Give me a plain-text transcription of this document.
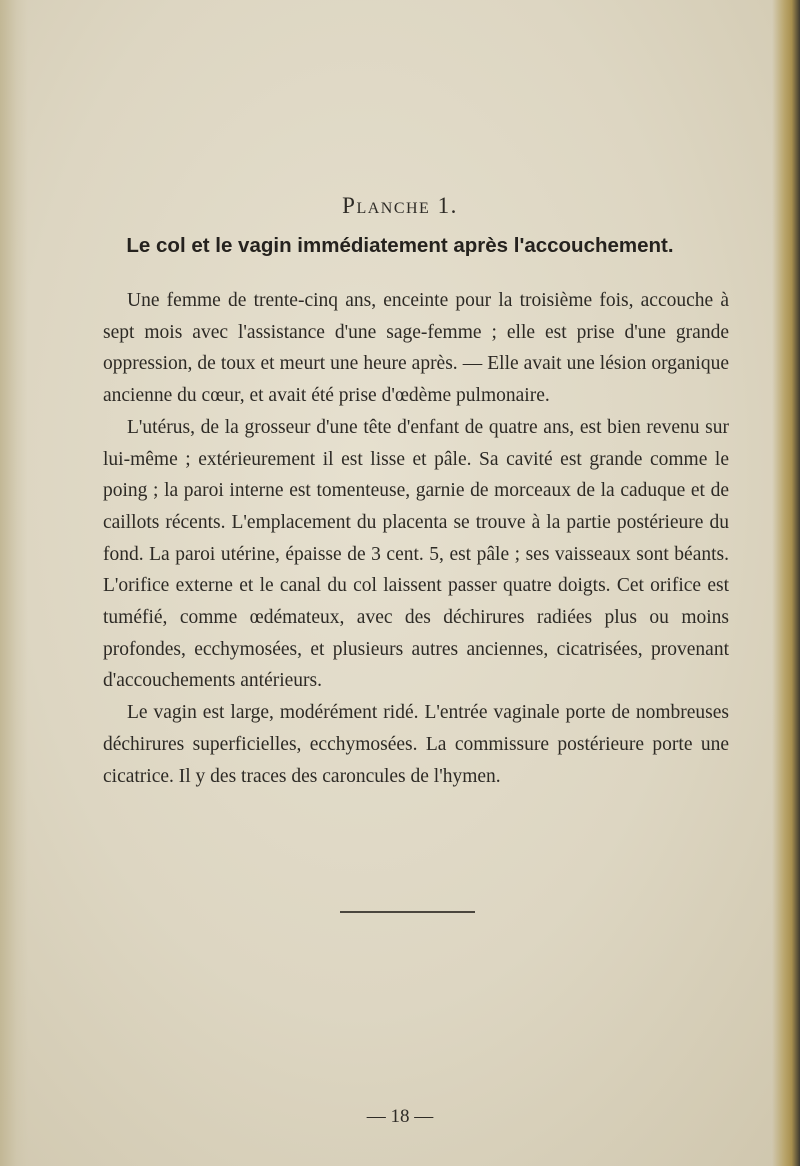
Planche 1.
Le col et le vagin immédiatement après l'accouchement.

Une femme de trente-cinq ans, enceinte pour la troisième fois, accouche à sept mois avec l'assistance d'une sage-femme ; elle est prise d'une grande oppression, de toux et meurt une heure après. — Elle avait une lésion organique ancienne du cœur, et avait été prise d'œdème pulmonaire.

L'utérus, de la grosseur d'une tête d'enfant de quatre ans, est bien revenu sur lui-même ; extérieurement il est lisse et pâle. Sa cavité est grande comme le poing ; la paroi interne est tomenteuse, garnie de morceaux de la caduque et de caillots récents. L'emplacement du placenta se trouve à la partie postérieure du fond. La paroi utérine, épaisse de 3 cent. 5, est pâle ; ses vaisseaux sont béants. L'orifice externe et le canal du col laissent passer quatre doigts. Cet orifice est tuméfié, comme œdémateux, avec des déchirures radiées plus ou moins profondes, ecchymosées, et plusieurs autres anciennes, cicatrisées, provenant d'accouchements antérieurs.

Le vagin est large, modérément ridé. L'entrée vaginale porte de nombreuses déchirures superficielles, ecchymosées. La commissure postérieure porte une cicatrice. Il y des traces des caroncules de l'hymen.

— 18 —
